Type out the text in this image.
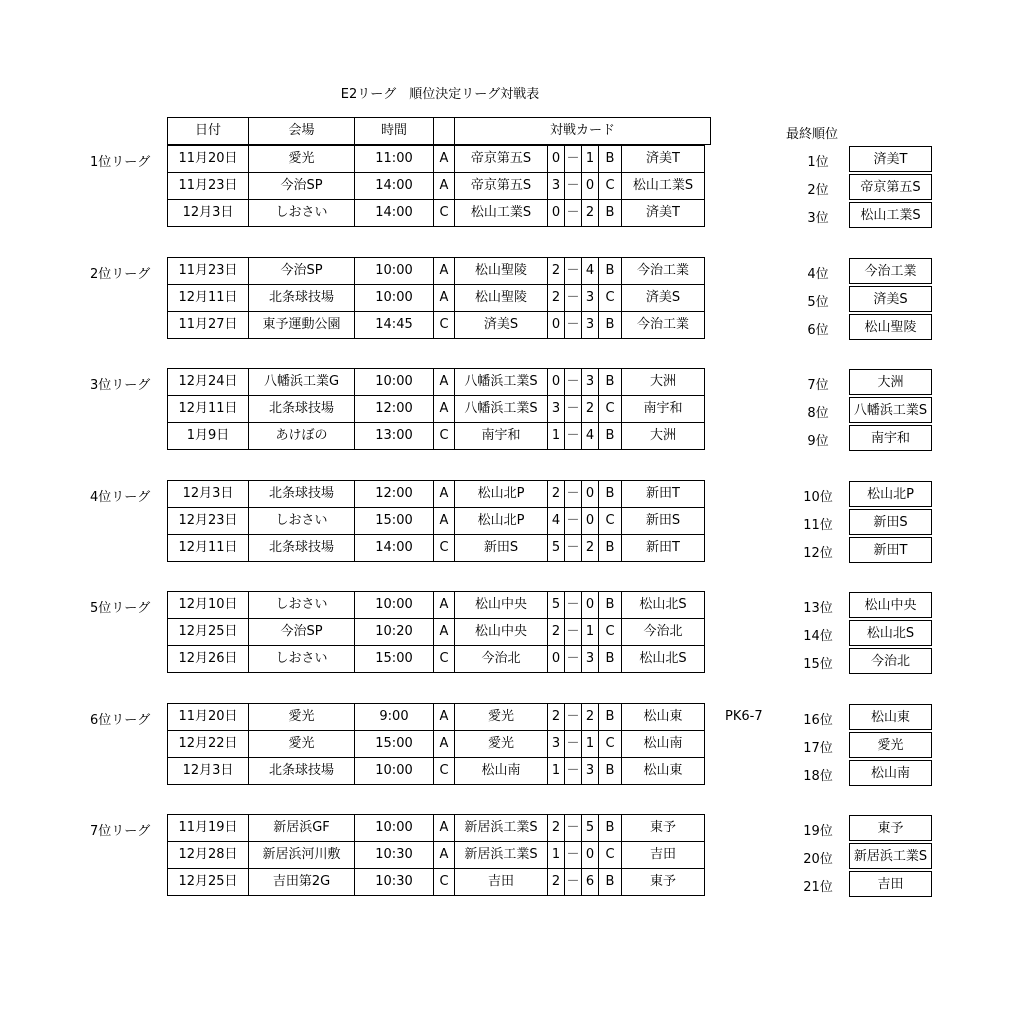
E2リーグ　順位決定リーグ対戦表
日付	会場	時間		対戦カード	最終順位
1位リーグ 11月20日	愛光	11:00	A	帝京第五S	0	－	1	B	済美T
11月23日	今治SP	14:00	A	帝京第五S	3	－	0	C	松山工業S
12月3日	しおさい	14:00	C	松山工業S	0	－	2	B	済美T
1位	済美T
2位	帝京第五S
3位	松山工業S
2位リーグ 11月23日	今治SP	10:00	A	松山聖陵	2	－	4	B	今治工業
12月11日	北条球技場	10:00	A	松山聖陵	2	－	3	C	済美S
11月27日	東予運動公園	14:45	C	済美S	0	－	3	B	今治工業
4位	今治工業
5位	済美S
6位	松山聖陵
3位リーグ 12月24日	八幡浜工業G	10:00	A	八幡浜工業S	0	－	3	B	大洲
12月11日	北条球技場	12:00	A	八幡浜工業S	3	－	2	C	南宇和
1月9日	あけぼの	13:00	C	南宇和	1	－	4	B	大洲
7位	大洲
8位	八幡浜工業S
9位	南宇和
4位リーグ 12月3日	北条球技場	12:00	A	松山北P	2	－	0	B	新田T
12月23日	しおさい	15:00	A	松山北P	4	－	0	C	新田S
12月11日	北条球技場	14:00	C	新田S	5	－	2	B	新田T
10位	松山北P
11位	新田S
12位	新田T
5位リーグ 12月10日	しおさい	10:00	A	松山中央	5	－	0	B	松山北S
12月25日	今治SP	10:20	A	松山中央	2	－	1	C	今治北
12月26日	しおさい	15:00	C	今治北	0	－	3	B	松山北S
13位	松山中央
14位	松山北S
15位	今治北
6位リーグ 11月20日	愛光	9:00	A	愛光	2	－	2	B	松山東
12月22日	愛光	15:00	A	愛光	3	－	1	C	松山南
12月3日	北条球技場	10:00	C	松山南	1	－	3	B	松山東
PK6-7	16位	松山東
17位	愛光
18位	松山南
7位リーグ 11月19日	新居浜GF	10:00	A	新居浜工業S	2	－	5	B	東予
12月28日	新居浜河川敷	10:30	A	新居浜工業S	1	－	0	C	吉田
12月25日	吉田第2G	10:30	C	吉田	2	－	6	B	東予
19位	東予
20位	新居浜工業S
21位	吉田
